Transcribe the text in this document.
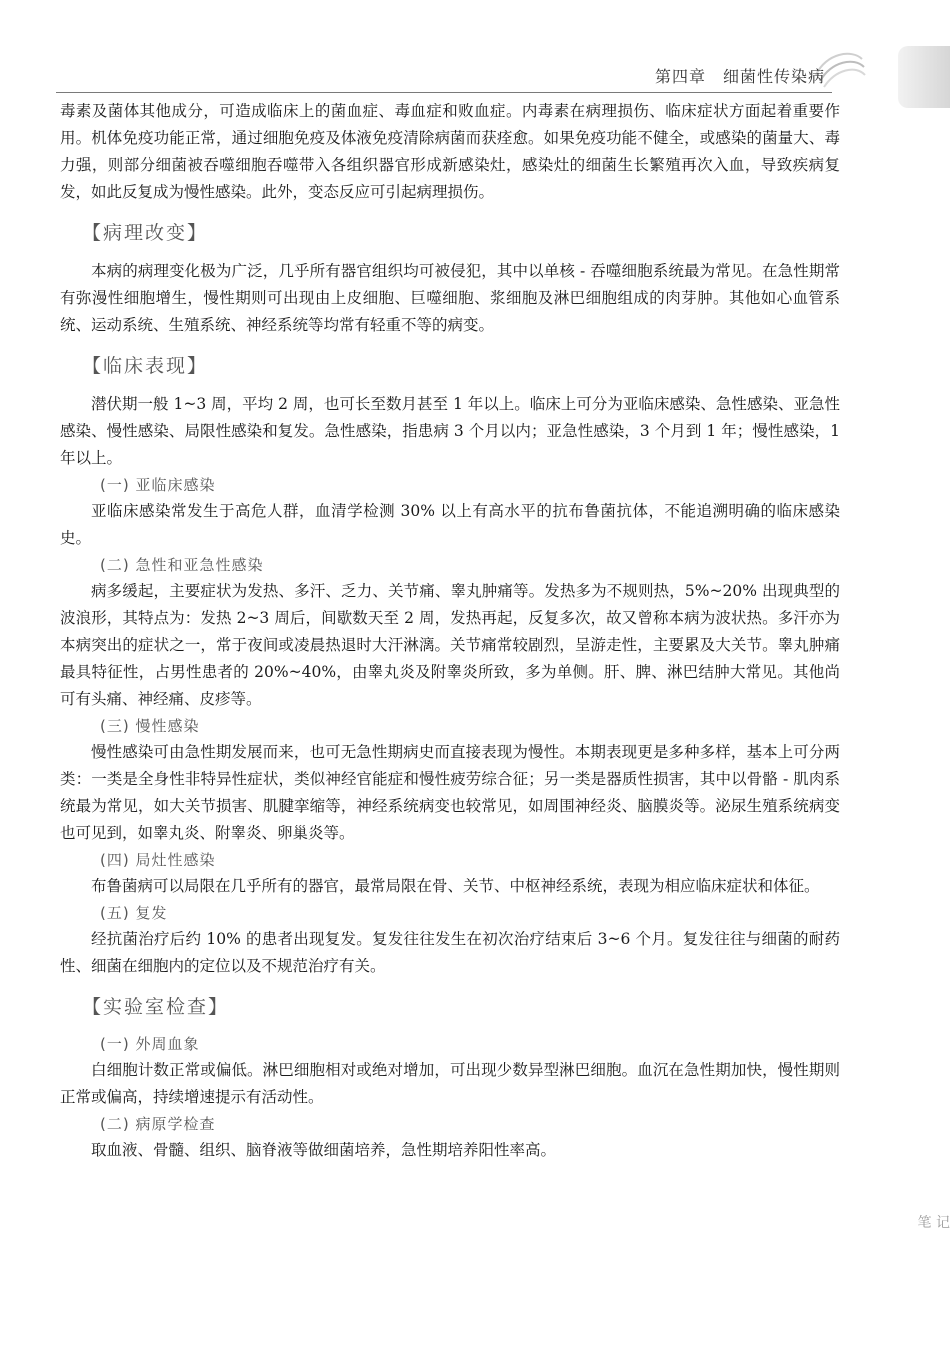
第四章　细菌性传染病

毒素及菌体其他成分，可造成临床上的菌血症、毒血症和败血症。内毒素在病理损伤、临床症状方面起着重要作用。机体免疫功能正常，通过细胞免疫及体液免疫清除病菌而获痊愈。如果免疫功能不健全，或感染的菌量大、毒力强，则部分细菌被吞噬细胞吞噬带入各组织器官形成新感染灶，感染灶的细菌生长繁殖再次入血，导致疾病复发，如此反复成为慢性感染。此外，变态反应可引起病理损伤。

【病理改变】

本病的病理变化极为广泛，几乎所有器官组织均可被侵犯，其中以单核 - 吞噬细胞系统最为常见。在急性期常有弥漫性细胞增生，慢性期则可出现由上皮细胞、巨噬细胞、浆细胞及淋巴细胞组成的肉芽肿。其他如心血管系统、运动系统、生殖系统、神经系统等均常有轻重不等的病变。

【临床表现】

潜伏期一般 1~3 周，平均 2 周，也可长至数月甚至 1 年以上。临床上可分为亚临床感染、急性感染、亚急性感染、慢性感染、局限性感染和复发。急性感染，指患病 3 个月以内；亚急性感染，3 个月到 1 年；慢性感染，1 年以上。

(一) 亚临床感染

亚临床感染常发生于高危人群，血清学检测 30% 以上有高水平的抗布鲁菌抗体，不能追溯明确的临床感染史。

(二) 急性和亚急性感染

病多缓起，主要症状为发热、多汗、乏力、关节痛、睾丸肿痛等。发热多为不规则热，5%~20% 出现典型的波浪形，其特点为：发热 2~3 周后，间歇数天至 2 周，发热再起，反复多次，故又曾称本病为波状热。多汗亦为本病突出的症状之一，常于夜间或凌晨热退时大汗淋漓。关节痛常较剧烈，呈游走性，主要累及大关节。睾丸肿痛最具特征性，占男性患者的 20%~40%，由睾丸炎及附睾炎所致，多为单侧。肝、脾、淋巴结肿大常见。其他尚可有头痛、神经痛、皮疹等。

(三) 慢性感染

慢性感染可由急性期发展而来，也可无急性期病史而直接表现为慢性。本期表现更是多种多样，基本上可分两类：一类是全身性非特异性症状，类似神经官能症和慢性疲劳综合征；另一类是器质性损害，其中以骨骼 - 肌肉系统最为常见，如大关节损害、肌腱挛缩等，神经系统病变也较常见，如周围神经炎、脑膜炎等。泌尿生殖系统病变也可见到，如睾丸炎、附睾炎、卵巢炎等。

(四) 局灶性感染

布鲁菌病可以局限在几乎所有的器官，最常局限在骨、关节、中枢神经系统，表现为相应临床症状和体征。

(五) 复发

经抗菌治疗后约 10% 的患者出现复发。复发往往发生在初次治疗结束后 3~6 个月。复发往往与细菌的耐药性、细菌在细胞内的定位以及不规范治疗有关。

【实验室检查】
(一) 外周血象

白细胞计数正常或偏低。淋巴细胞相对或绝对增加，可出现少数异型淋巴细胞。血沉在急性期加快，慢性期则正常或偏高，持续增速提示有活动性。

(二) 病原学检查

取血液、骨髓、组织、脑脊液等做细菌培养，急性期培养阳性率高。

笔 记
